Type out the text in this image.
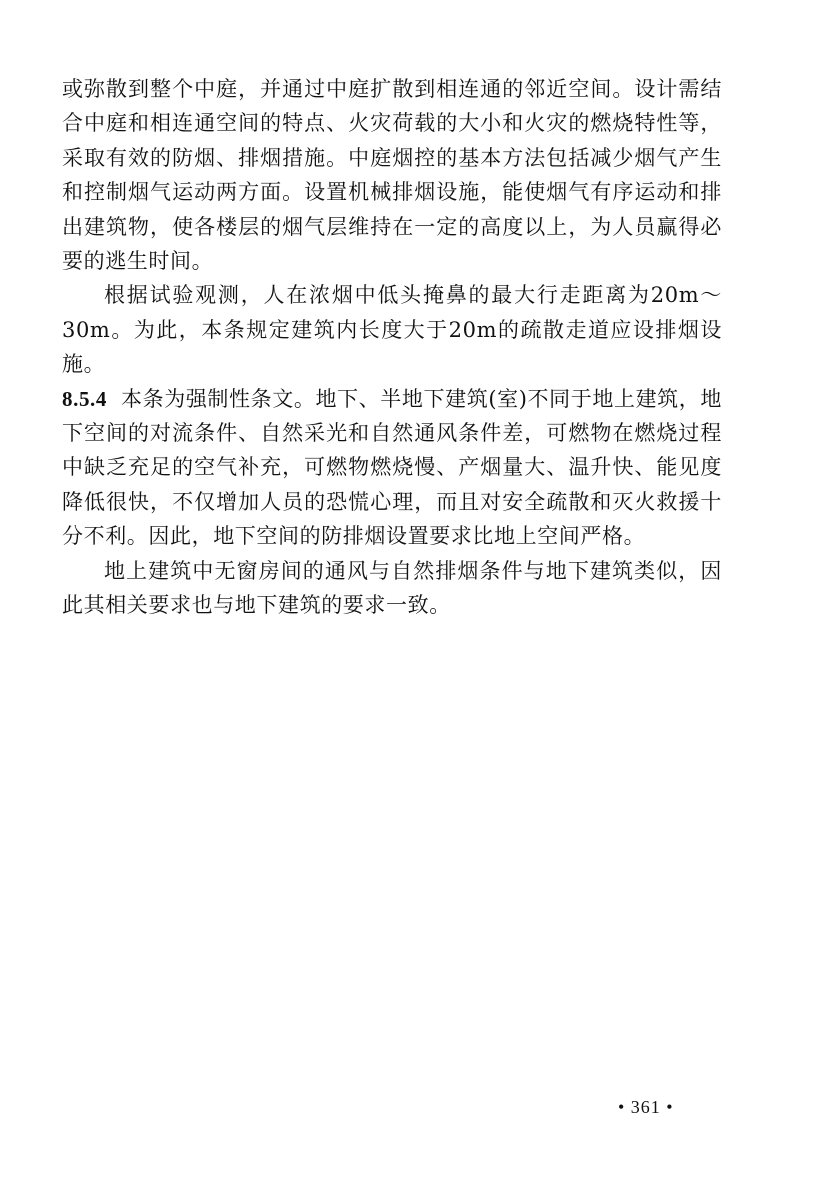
或弥散到整个中庭，并通过中庭扩散到相连通的邻近空间。设计需结合中庭和相连通空间的特点、火灾荷载的大小和火灾的燃烧特性等，采取有效的防烟、排烟措施。中庭烟控的基本方法包括减少烟气产生和控制烟气运动两方面。设置机械排烟设施，能使烟气有序运动和排出建筑物，使各楼层的烟气层维持在一定的高度以上，为人员赢得必要的逃生时间。

根据试验观测，人在浓烟中低头掩鼻的最大行走距离为20m～30m。为此，本条规定建筑内长度大于20m的疏散走道应设排烟设施。

8.5.4 本条为强制性条文。地下、半地下建筑(室)不同于地上建筑，地下空间的对流条件、自然采光和自然通风条件差，可燃物在燃烧过程中缺乏充足的空气补充，可燃物燃烧慢、产烟量大、温升快、能见度降低很快，不仅增加人员的恐慌心理，而且对安全疏散和灭火救援十分不利。因此，地下空间的防排烟设置要求比地上空间严格。

地上建筑中无窗房间的通风与自然排烟条件与地下建筑类似，因此其相关要求也与地下建筑的要求一致。

• 361 •
